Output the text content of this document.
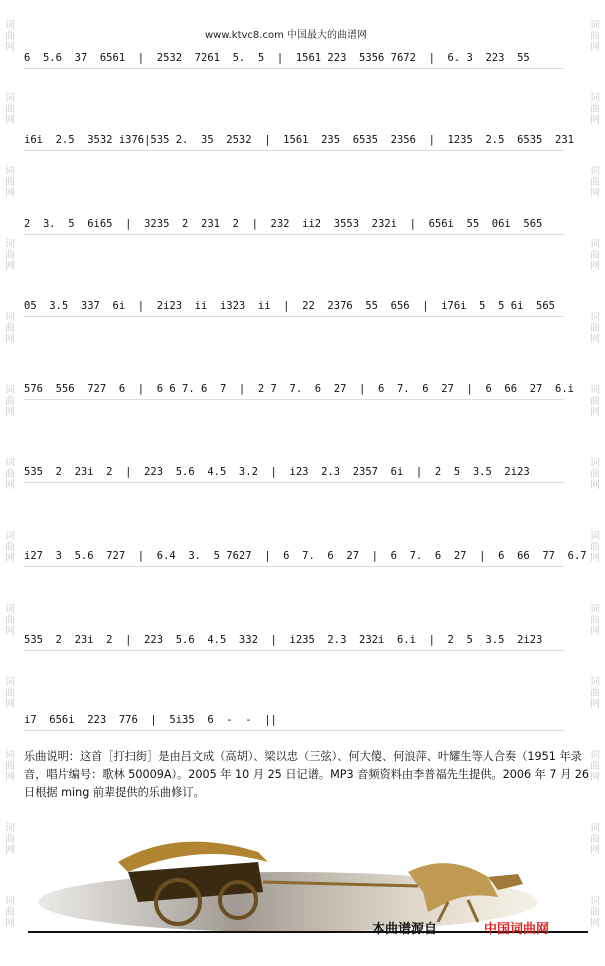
词
曲
网
词
曲
网
词
曲
网
词
曲
网
词
曲
网
词
曲
网
词
曲
网
词
曲
网
词
曲
网
词
曲
网
词
曲
网
词
曲
网
词
曲
网
词
曲
网
词
曲
网
词
曲
网
词
曲
网
词
曲
网
词
曲
网
词
曲
网
词
曲
网
词
曲
网
词
曲
网
词
曲
网
词
曲
网
词
曲
网
www.ktvc8.com 中国最大的曲谱网
6  5.6  37  6561  |  2532  7261  5.  5  |  1561 223  5356 7672  |  6. 3  223  55
i6i  2.5  3532 i376|535 2.  35  2532  |  1561  235  6535  2356  |  1235  2.5  6535  231
2  3.  5  6i65  |  3235  2  231  2  |  232  ii2  3553  232i  |  656i  55  06i  565
05  3.5  337  6i  |  2i23  ii  i323  ii  |  22  2376  55  656  |  i76i  5  5 6i  565
576  556  727  6  |  6 6 7. 6  7  |  2 7  7.  6  27  |  6  7.  6  27  |  6  66  27  6.i
535  2  23i  2  |  223  5.6  4.5  3.2  |  i23  2.3  2357  6i  |  2  5  3.5  2i23
i27  3  5.6  727  |  6.4  3.  5 7627  |  6  7.  6  27  |  6  7.  6  27  |  6  66  77  6.7
535  2  23i  2  |  223  5.6  4.5  332  |  i235  2.3  232i  6.i  |  2  5  3.5  2i23
i7  656i  223  776  |  5i35  6  -  -  ||
乐曲说明：这首［打扫街］是由吕文成（高胡）、梁以忠（三弦）、何大傻、何浪萍、叶耀生等人合奏（1951 年录音，唱片编号：歌林 50009A）。2005 年 10 月 25 日记谱。MP3 音频资料由李普福先生提供。2006 年 7 月 26 日根据 ming 前辈提供的乐曲修订。
本曲谱源自	中国词曲网
